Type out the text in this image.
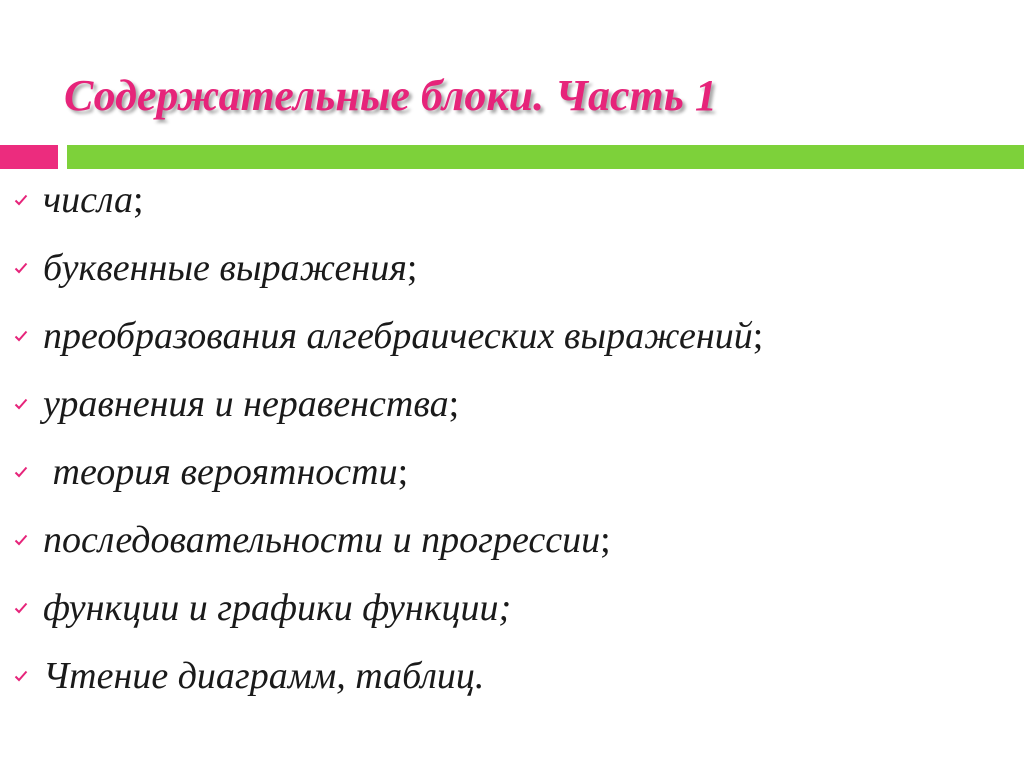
Содержательные блоки. Часть 1
числа ;
буквенные выражения ;
преобразования алгебраических выражений ;
уравнения и неравенства ;
теория вероятности ;
последовательности и прогрессии ;
функции и графики функции;
Чтение диаграмм, таблиц.
